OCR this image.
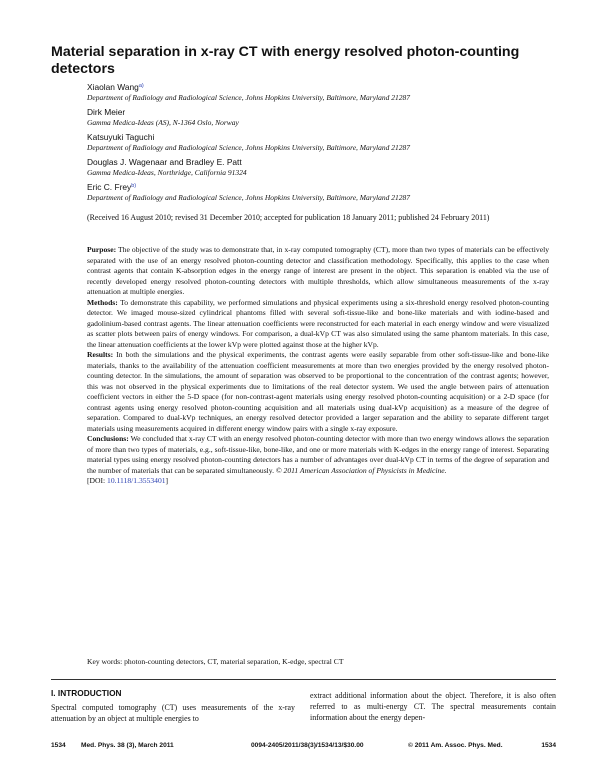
Material separation in x-ray CT with energy resolved photon-counting detectors
Xiaolan Wang$^{a)}$
Department of Radiology and Radiological Science, Johns Hopkins University, Baltimore, Maryland 21287
Dirk Meier
Gamma Medica-Ideas (AS), N-1364 Oslo, Norway
Katsuyuki Taguchi
Department of Radiology and Radiological Science, Johns Hopkins University, Baltimore, Maryland 21287
Douglas J. Wagenaar and Bradley E. Patt
Gamma Medica-Ideas, Northridge, California 91324
Eric C. Frey$^{b)}$
Department of Radiology and Radiological Science, Johns Hopkins University, Baltimore, Maryland 21287
(Received 16 August 2010; revised 31 December 2010; accepted for publication 18 January 2011; published 24 February 2011)

Purpose: The objective of the study was to demonstrate that, in x-ray computed tomography (CT), more than two types of materials can be effectively separated with the use of an energy resolved photon-counting detector and classification methodology. Specifically, this applies to the case when contrast agents that contain K-absorption edges in the energy range of interest are present in the object. This separation is enabled via the use of recently developed energy resolved photon-counting detectors with multiple thresholds, which allow simultaneous measurements of the x-ray attenuation at multiple energies.

Methods: To demonstrate this capability, we performed simulations and physical experiments using a six-threshold energy resolved photon-counting detector. We imaged mouse-sized cylindrical phantoms filled with several soft-tissue-like and bone-like materials and with iodine-based and gadolinium-based contrast agents. The linear attenuation coefficients were reconstructed for each material in each energy window and were visualized as scatter plots between pairs of energy windows. For comparison, a dual-kVp CT was also simulated using the same phantom materials. In this case, the linear attenuation coefficients at the lower kVp were plotted against those at the higher kVp.

Results: In both the simulations and the physical experiments, the contrast agents were easily separable from other soft-tissue-like and bone-like materials, thanks to the availability of the attenuation coefficient measurements at more than two energies provided by the energy resolved photon-counting detector. In the simulations, the amount of separation was observed to be proportional to the concentration of the contrast agents; however, this was not observed in the physical experiments due to limitations of the real detector system. We used the angle between pairs of attenuation coefficient vectors in either the 5-D space (for non-contrast-agent materials using energy resolved photon-counting acquisition) or a 2-D space (for contrast agents using energy resolved photon-counting acquisition and all materials using dual-kVp acquisition) as a measure of the degree of separation. Compared to dual-kVp techniques, an energy resolved detector provided a larger separation and the ability to separate different target materials using measurements acquired in different energy window pairs with a single x-ray exposure.

Conclusions: We concluded that x-ray CT with an energy resolved photon-counting detector with more than two energy windows allows the separation of more than two types of materials, e.g., soft-tissue-like, bone-like, and one or more materials with K-edges in the energy range of interest. Separating material types using energy resolved photon-counting detectors has a number of advantages over dual-kVp CT in terms of the degree of separation and the number of materials that can be separated simultaneously. © 2011 American Association of Physicists in Medicine.

[DOI: 10.1118/1.3553401]

Key words: photon-counting detectors, CT, material separation, K-edge, spectral CT
I. INTRODUCTION
Spectral computed tomography (CT) uses measurements of the x-ray attenuation by an object at multiple energies to
extract additional information about the object. Therefore, it is also often referred to as multi-energy CT. The spectral measurements contain information about the energy depen-
1534 Med. Phys. 38 (3), March 2011	0094-2405/2011/38(3)/1534/13/$30.00	© 2011 Am. Assoc. Phys. Med.	1534
